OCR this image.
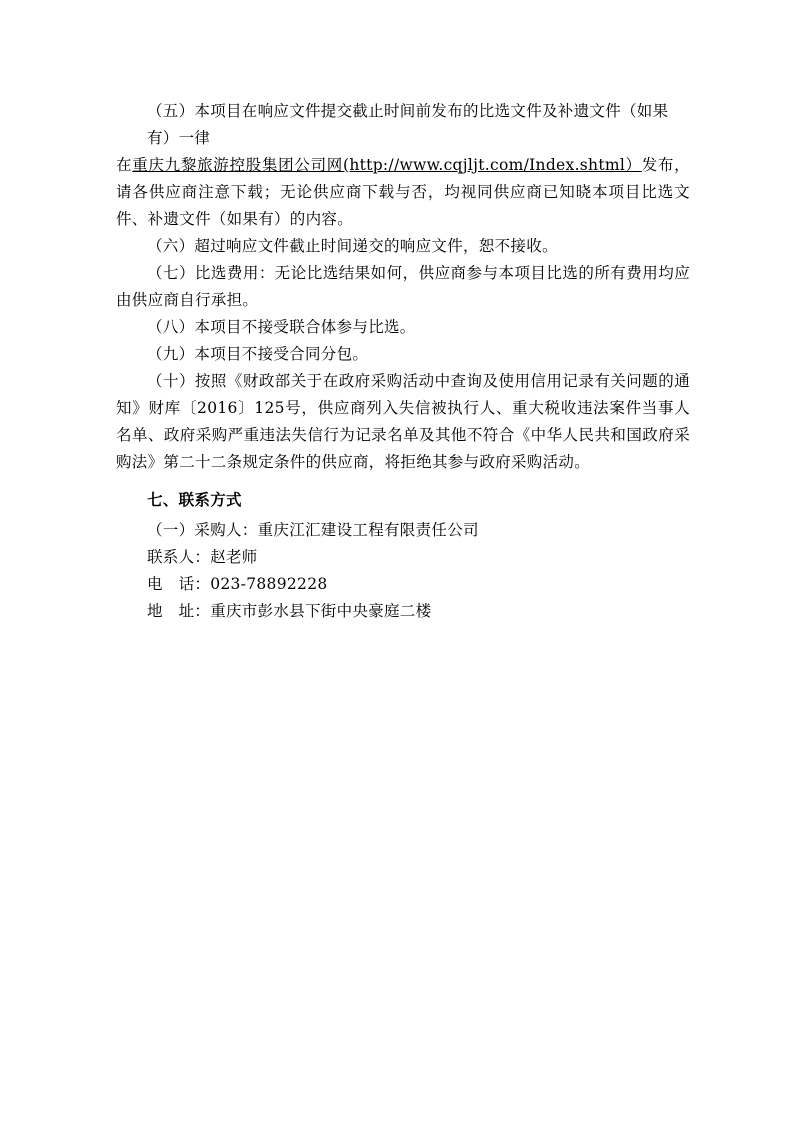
（五）本项目在响应文件提交截止时间前发布的比选文件及补遗文件（如果

有）一律

在重庆九黎旅游控股集团公司网(http://www.cqjljt.com/Index.shtml）发布，请各供应商注意下载；无论供应商下载与否，均视同供应商已知晓本项目比选文件、补遗文件（如果有）的内容。

（六）超过响应文件截止时间递交的响应文件，恕不接收。

（七）比选费用：无论比选结果如何，供应商参与本项目比选的所有费用均应由供应商自行承担。

（八）本项目不接受联合体参与比选。

（九）本项目不接受合同分包。

（十）按照《财政部关于在政府采购活动中查询及使用信用记录有关问题的通知》财库〔2016〕125号，供应商列入失信被执行人、重大税收违法案件当事人名单、政府采购严重违法失信行为记录名单及其他不符合《中华人民共和国政府采购法》第二十二条规定条件的供应商，将拒绝其参与政府采购活动。

七、联系方式

（一）采购人：重庆江汇建设工程有限责任公司

联系人：赵老师

电　话：023-78892228

地　址：重庆市彭水县下街中央豪庭二楼
